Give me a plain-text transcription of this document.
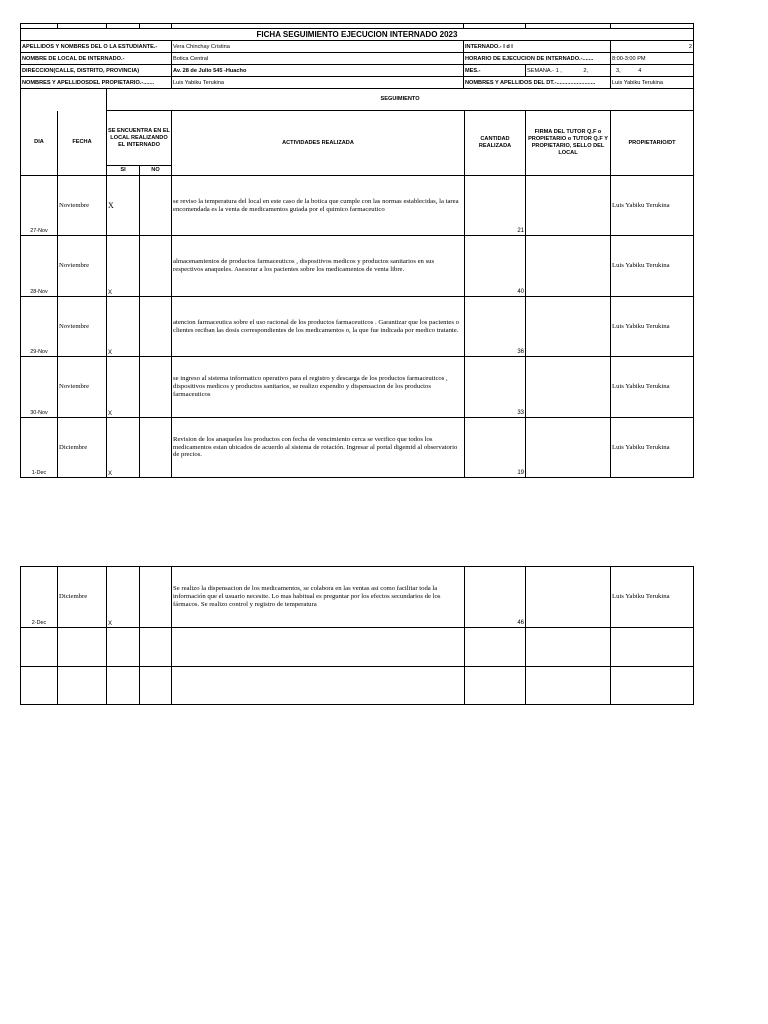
FICHA SEGUIMIENTO EJECUCION INTERNADO 2023							
APELLIDOS Y NOMBRES DEL O LA ESTUDIANTE.-				Vera Chinchay Cristina	INTERNADO.- I d I		2
NOMBRE DE LOCAL DE INTERNADO.-				Botica Central	HORARIO DE EJECUCION DE INTERNADO.-.......		8:00-3:00 PM
DIRECCION(CALLE, DISTRITO, PROVINCIA)				Av. 28 de Julio 545 -Huacho	MES.-	SEMANA.- 1 , 2,	3, 4
NOMBRES Y APELLIDOSDEL PROPIETARIO.-.......				Luis Yabiku Terukina	NOMBRES Y APELLIDOS DEL DT.-.........................		Luis Yabiku Terukina
		SEGUIMIENTO					
DIA	FECHA	SE ENCUENTRA EN EL LOCAL REALIZANDO EL INTERNADO		ACTIVIDADES REALIZADA	CANTIDAD REALIZADA	FIRMA DEL TUTOR Q.F o PROPIETARIO o TUTOR Q.F Y PROPIETARIO, SELLO DEL LOCAL	PROPIETARIO/DT
		SI	NO				
27-Nov	Noviembre	X		se reviso la temperatura del local en este caso de la botica que cumple con las normas establecidas, la tarea encomendada es la venta de medicamentos guiada por el quimico farmaceutico	21		Luis Yabiku Terukina
28-Nov	Noviembre	X		almacenamientos de productos farmaceuticos , dispositivos medicos y productos sanitarios en sus respectivos anaqueles. Asesorar a los pacientes sobre los medicamentos de venta libre.	40		Luis Yabiku Terukina
29-Nov	Noviembre	X		atencion farmaceutica sobre el uso racional de los productos farmaceuticos . Garantizar que los pacientes o clientes reciban las dosis correspondientes de los medicamentos o, la que fue indicada por medico tratante.	36		Luis Yabiku Terukina
30-Nov	Noviembre	X		se ingreso al sistema informatico operativo para el registro y descarga de los productos farmaceuticos , dispositivos medicos y productos sanitarios, se realizo expendio y dispensacion de los productos farmaceuticos	33		Luis Yabiku Terukina
1-Dec	Diciembre	X		Revision de los anaqueles los productos con fecha de vencimiento cerca se verifico que todos los medicamentos estan ubicados de acuerdo al sistema de rotación. Ingresar al portal digemid al observatorio de precios.	19		Luis Yabiku Terukina
2-Dec	Diciembre	X		Se realizo la dispensacion de los medicamentos, se colabora en las ventas asi como facilitar toda la información que el usuario necesite. Lo mas habitual es preguntar por los efectos secundarios de los fármacos. Se realizo control y registro de temperatura	46		Luis Yabiku Terukina
